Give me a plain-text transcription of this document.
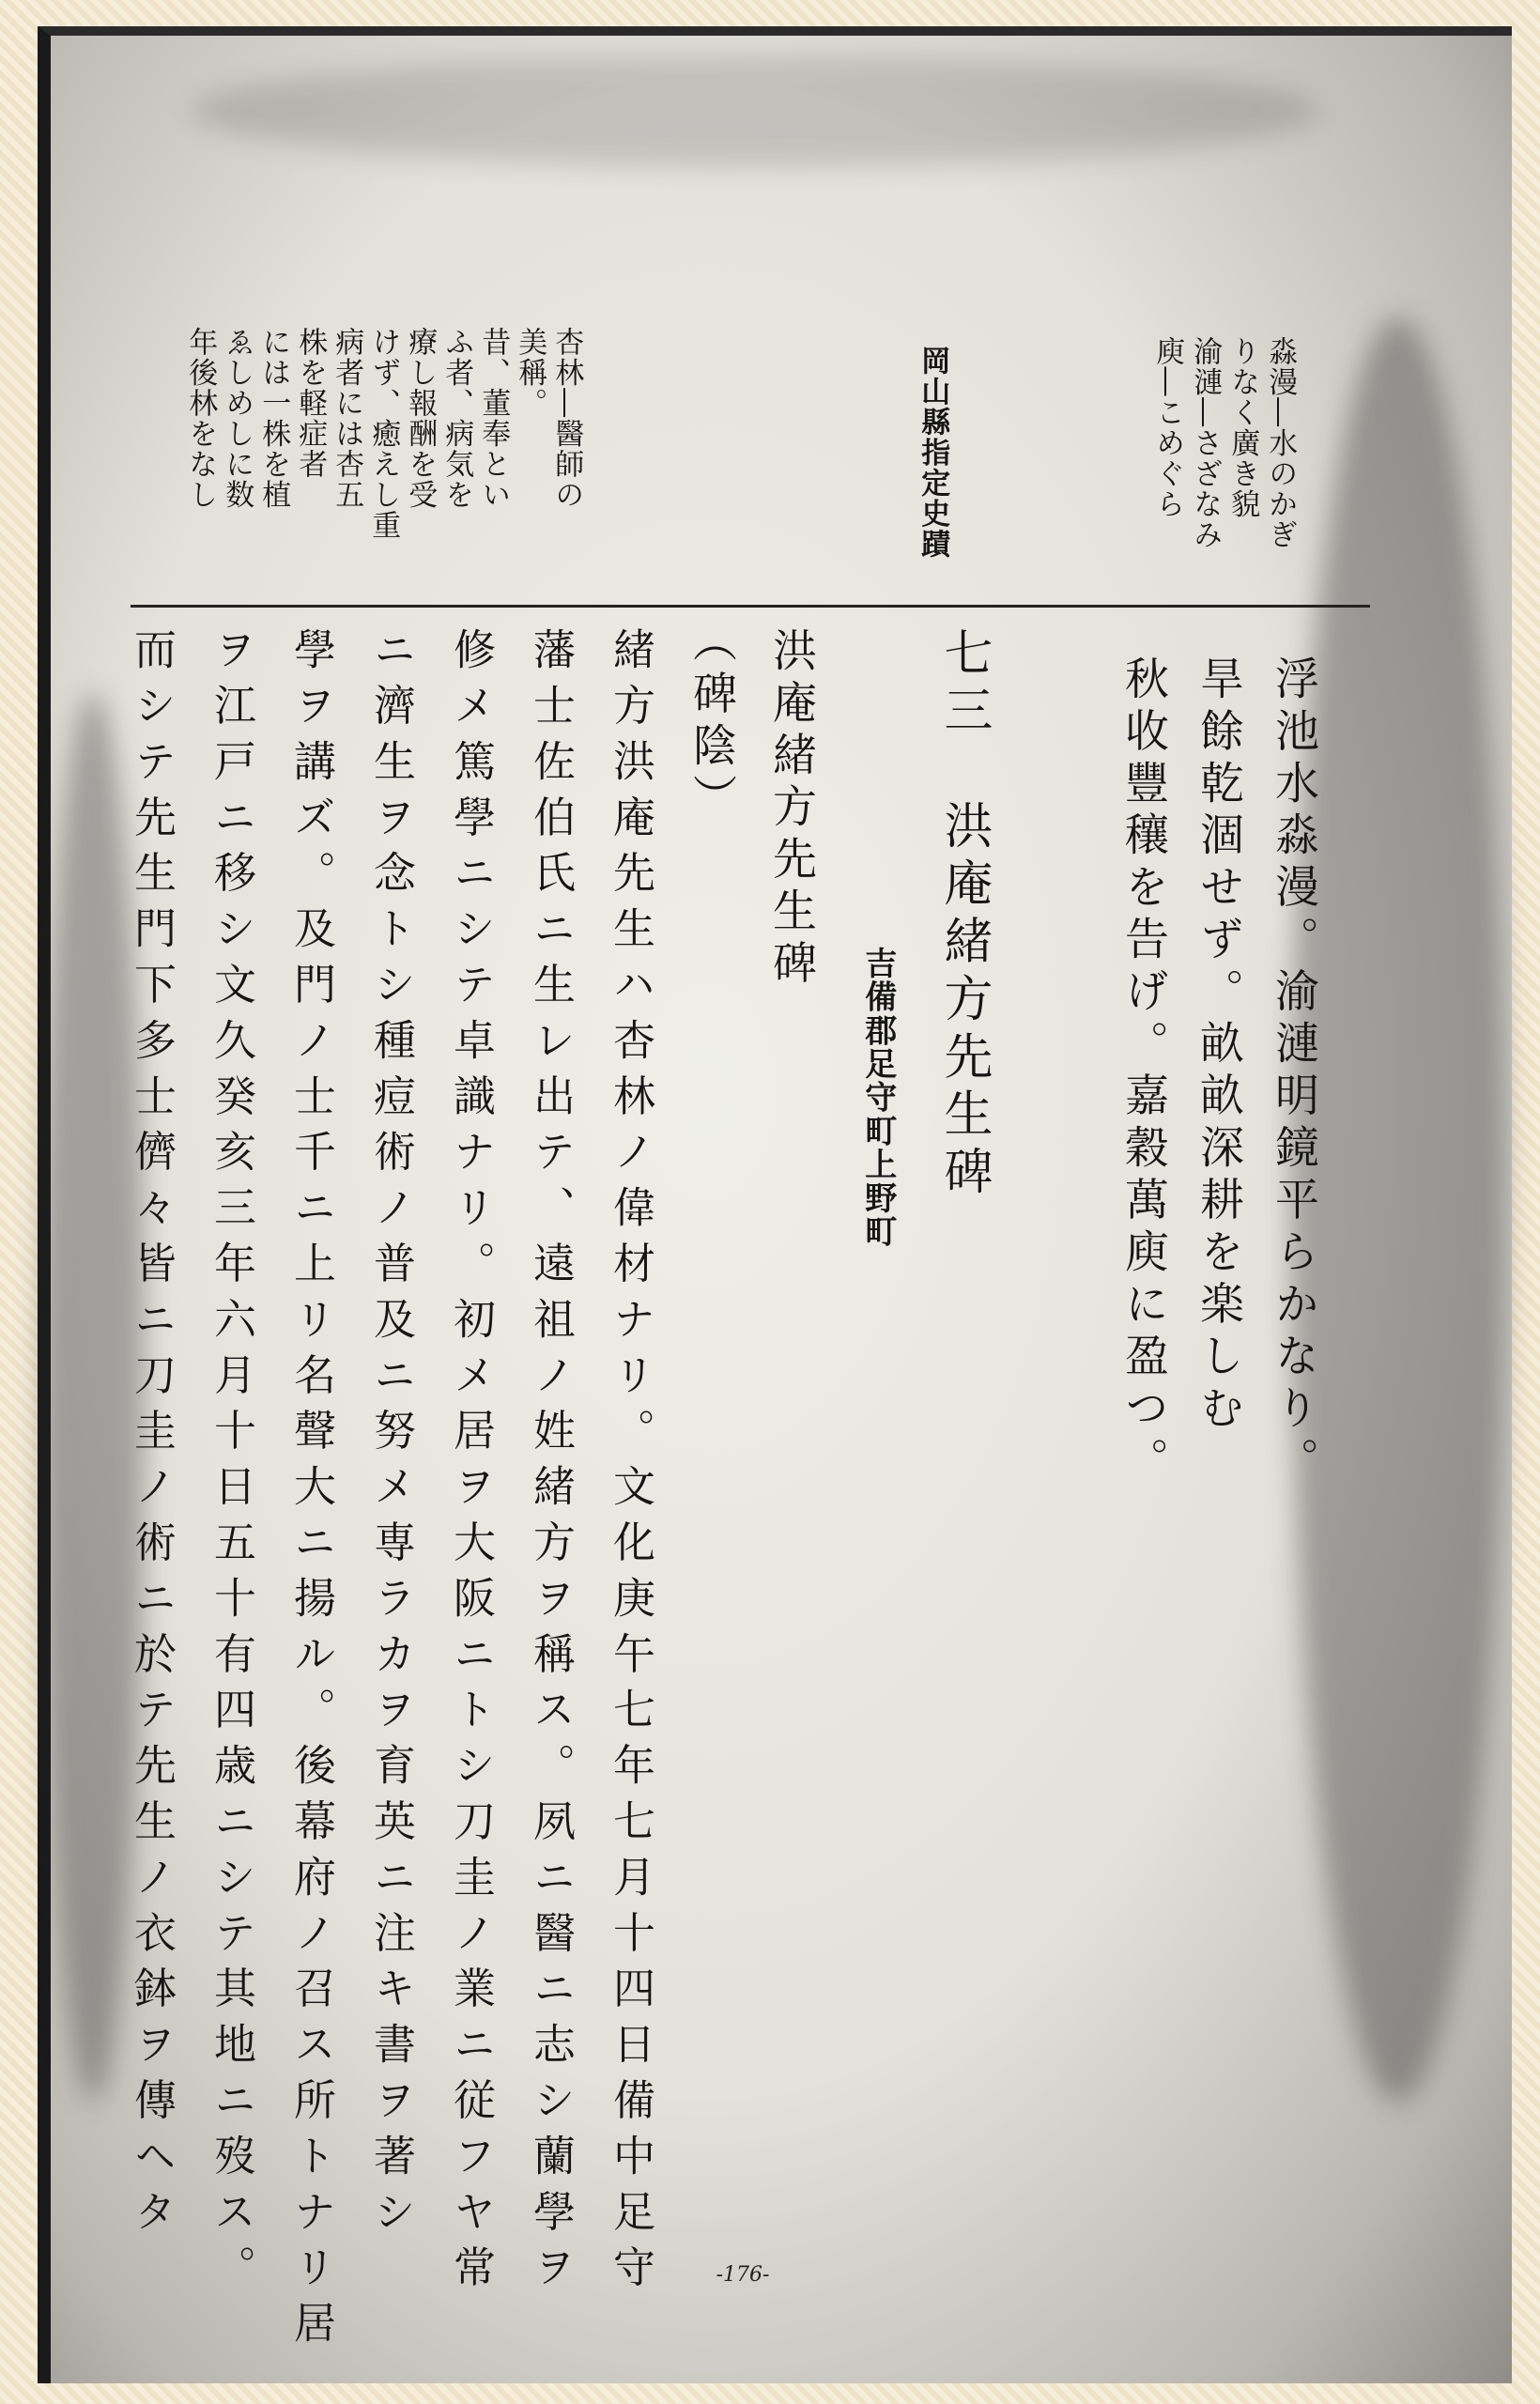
淼漫―水のかぎ
りなく廣き貌
渝漣―さざなみ
庾―こめぐら
岡山縣指定史蹟
杏林―醫師の
美稱。
昔、董奉とい
ふ者、病気を
療し報酬を受
けず、癒えし重
病者には杏五
株を軽症者
には一株を植
ゑしめしに数
年後林をなし
浮池水淼漫。渝漣明鏡平らかなり。
旱餘乾涸せず。畝畝深耕を楽しむ
秋收豐穰を告げ。嘉穀萬庾に盈つ。
七三　洪庵緒方先生碑
吉備郡足守町上野町
洪庵緒方先生碑
（碑陰）
緒方洪庵先生ハ杏林ノ偉材ナリ。文化庚午七年七月十四日備中足守
藩士佐伯氏ニ生レ出テ、遠祖ノ姓緒方ヲ稱ス。夙ニ醫ニ志シ蘭學ヲ
修メ篤學ニシテ卓識ナリ。初メ居ヲ大阪ニトシ刀圭ノ業ニ従フヤ常
ニ濟生ヲ念トシ種痘術ノ普及ニ努メ専ラカヲ育英ニ注キ書ヲ著シ
學ヲ講ズ。及門ノ士千ニ上リ名聲大ニ揚ル。後幕府ノ召ス所トナリ居
ヲ江戸ニ移シ文久癸亥三年六月十日五十有四歳ニシテ其地ニ歿ス。
而シテ先生門下多士儕々皆ニ刀圭ノ術ニ於テ先生ノ衣鉢ヲ傳ヘタ
-176-
